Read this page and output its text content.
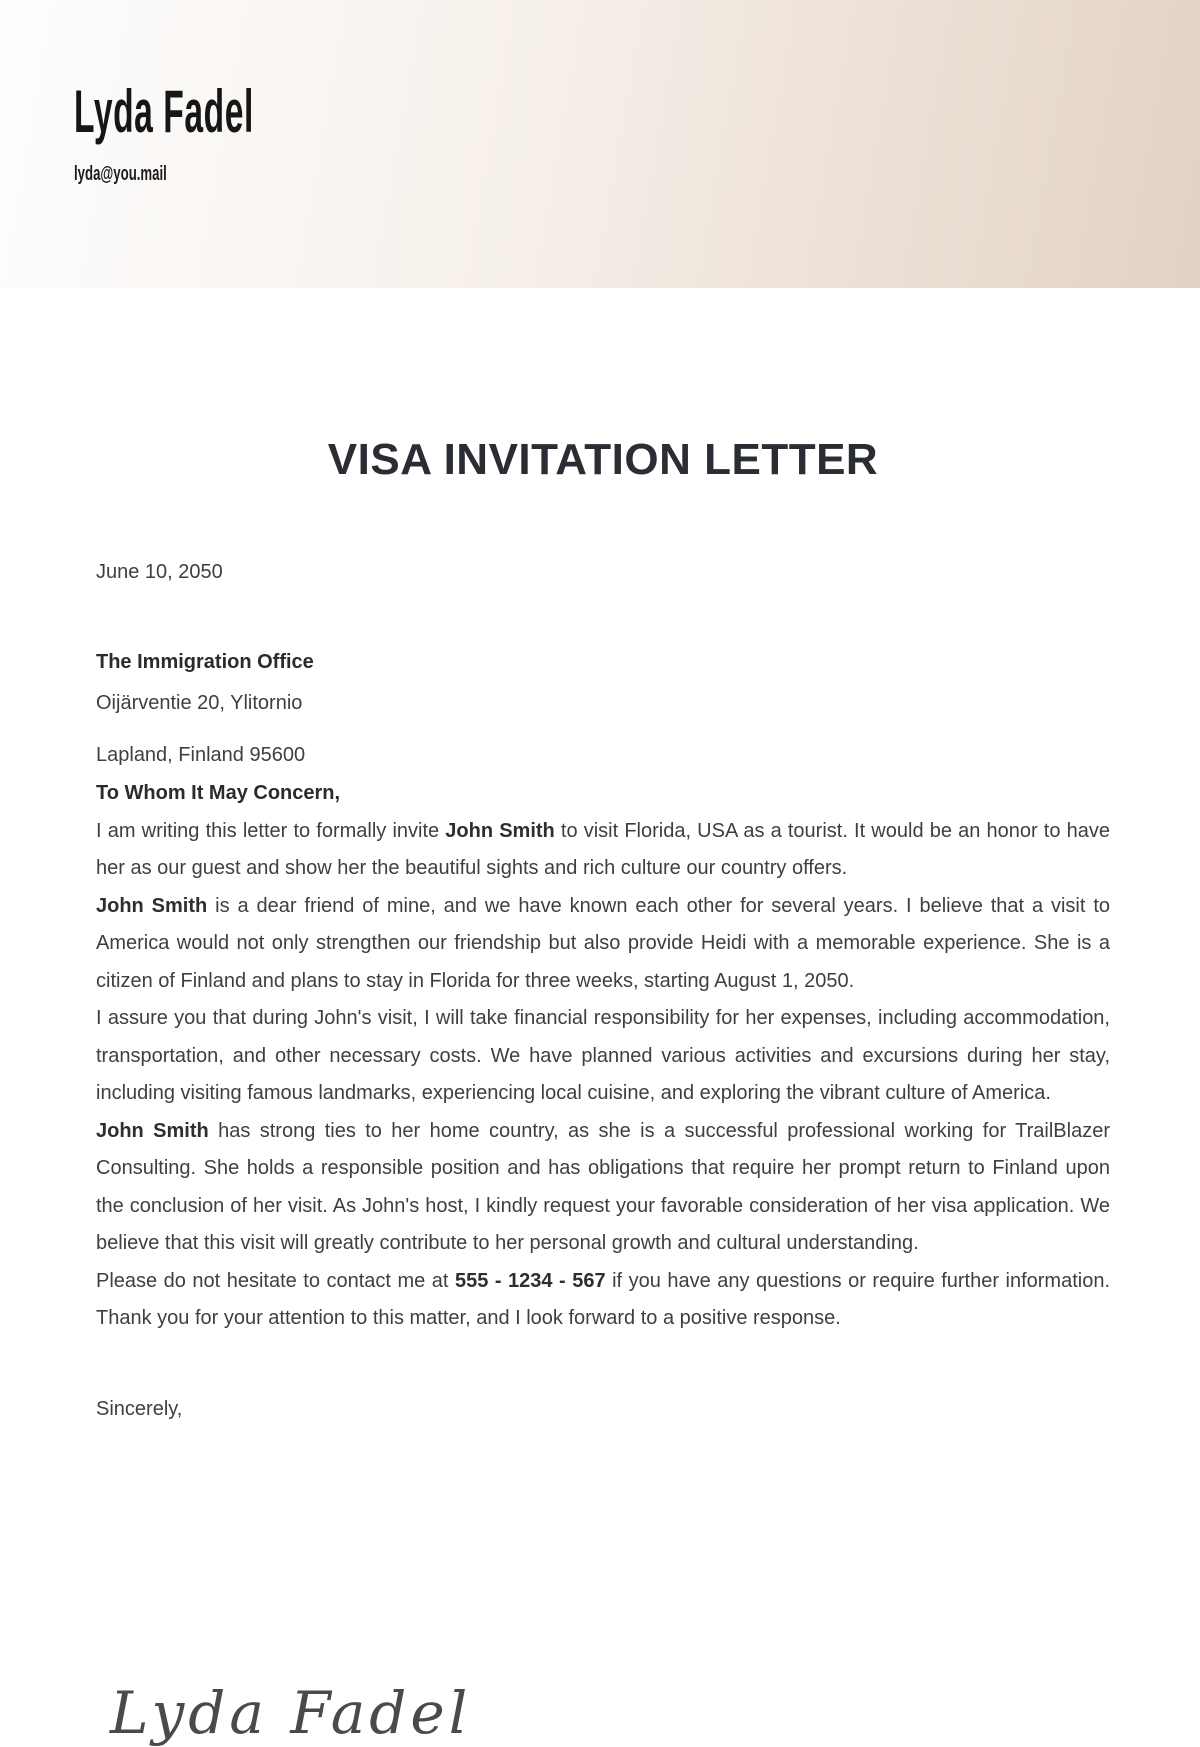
Lyda Fadel
lyda@you.mail
VISA INVITATION LETTER
June 10, 2050
The Immigration Office
Oijärventie 20, Ylitornio
Lapland, Finland 95600
To Whom It May Concern,

I am writing this letter to formally invite John Smith to visit Florida, USA as a tourist. It would be an honor to have her as our guest and show her the beautiful sights and rich culture our country offers.

John Smith is a dear friend of mine, and we have known each other for several years. I believe that a visit to America would not only strengthen our friendship but also provide Heidi with a memorable experience. She is a citizen of Finland and plans to stay in Florida for three weeks, starting August 1, 2050.

I assure you that during John's visit, I will take financial responsibility for her expenses, including accommodation, transportation, and other necessary costs. We have planned various activities and excursions during her stay, including visiting famous landmarks, experiencing local cuisine, and exploring the vibrant culture of America.

John Smith has strong ties to her home country, as she is a successful professional working for TrailBlazer Consulting. She holds a responsible position and has obligations that require her prompt return to Finland upon the conclusion of her visit. As John's host, I kindly request your favorable consideration of her visa application. We believe that this visit will greatly contribute to her personal growth and cultural understanding.

Please do not hesitate to contact me at 555 - 1234 - 567 if you have any questions or require further information. Thank you for your attention to this matter, and I look forward to a positive response.

Sincerely,
Lyda Fadel
